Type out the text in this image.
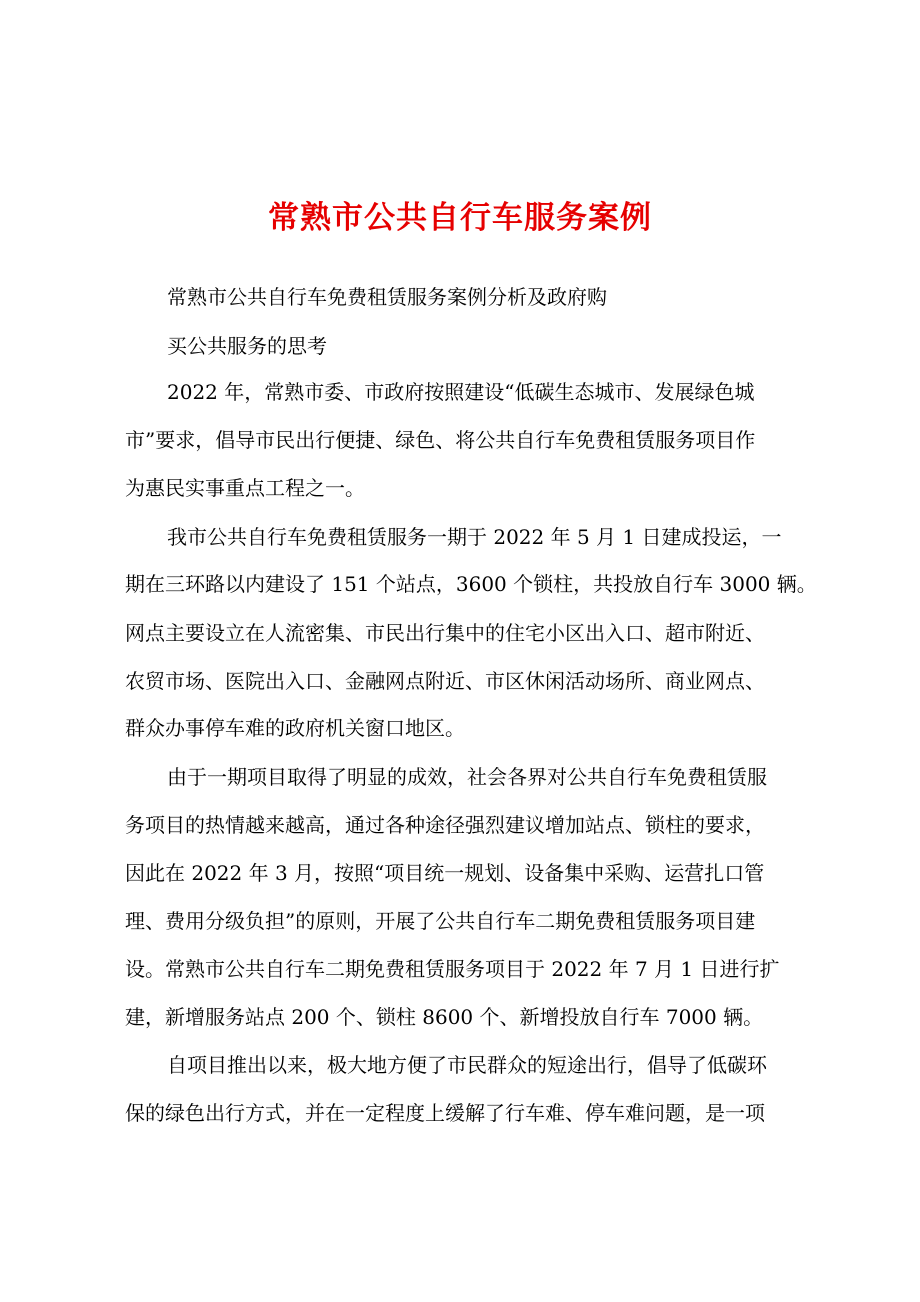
常熟市公共自行车服务案例
常熟市公共自行车免费租赁服务案例分析及政府购
买公共服务的思考
2022 年，常熟市委、市政府按照建设“低碳生态城市、发展绿色城
市”要求，倡导市民出行便捷、绿色、将公共自行车免费租赁服务项目作
为惠民实事重点工程之一。
我市公共自行车免费租赁服务一期于 2022 年 5 月 1 日建成投运，一
期在三环路以内建设了 151 个站点，3600 个锁柱，共投放自行车 3000 辆。
网点主要设立在人流密集、市民出行集中的住宅小区出入口、超市附近、
农贸市场、医院出入口、金融网点附近、市区休闲活动场所、商业网点、
群众办事停车难的政府机关窗口地区。
由于一期项目取得了明显的成效，社会各界对公共自行车免费租赁服
务项目的热情越来越高，通过各种途径强烈建议增加站点、锁柱的要求，
因此在 2022 年 3 月，按照“项目统一规划、设备集中采购、运营扎口管
理、费用分级负担”的原则，开展了公共自行车二期免费租赁服务项目建
设。常熟市公共自行车二期免费租赁服务项目于 2022 年 7 月 1 日进行扩
建，新增服务站点 200 个、锁柱 8600 个、新增投放自行车 7000 辆。
自项目推出以来，极大地方便了市民群众的短途出行，倡导了低碳环
保的绿色出行方式，并在一定程度上缓解了行车难、停车难问题，是一项
